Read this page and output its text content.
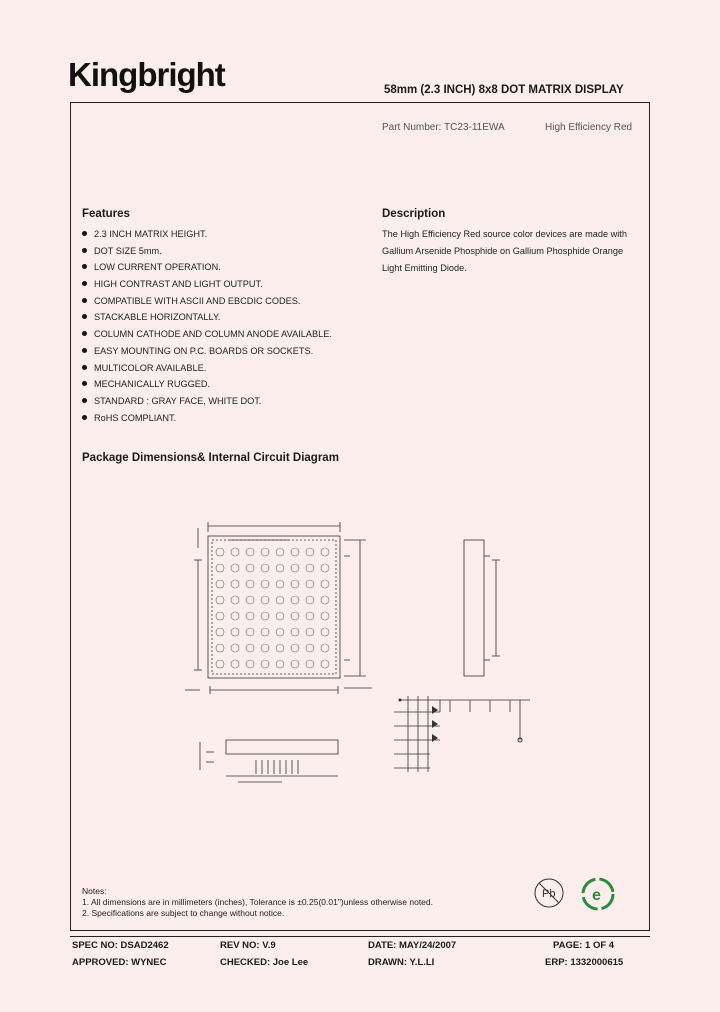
Kingbright	58mm (2.3 INCH) 8x8 DOT MATRIX DISPLAY
Part Number: TC23-11EWA	High Efficiency Red
Features
2.3 INCH MATRIX HEIGHT.
DOT SIZE 5mm.
LOW CURRENT OPERATION.
HIGH CONTRAST AND LIGHT OUTPUT.
COMPATIBLE WITH ASCII AND EBCDIC CODES.
STACKABLE HORIZONTALLY.
COLUMN CATHODE AND COLUMN ANODE AVAILABLE.
EASY MOUNTING ON P.C. BOARDS OR SOCKETS.
MULTICOLOR AVAILABLE.
MECHANICALLY RUGGED.
STANDARD : GRAY FACE, WHITE DOT.
RoHS COMPLIANT.
Description
The High Efficiency Red source color devices are made with Gallium Arsenide Phosphide on Gallium Phosphide Orange Light Emitting Diode.
Package Dimensions& Internal Circuit Diagram
Notes:
1. All dimensions are in millimeters (inches), Tolerance is ±0.25(0.01")unless otherwise noted.
2. Specifications are subject to change without notice.
Pb e
SPEC NO: DSAD2462	REV NO: V.9	DATE: MAY/24/2007	PAGE: 1 OF 4
APPROVED: WYNEC	CHECKED: Joe Lee	DRAWN: Y.L.LI	ERP: 1332000615
